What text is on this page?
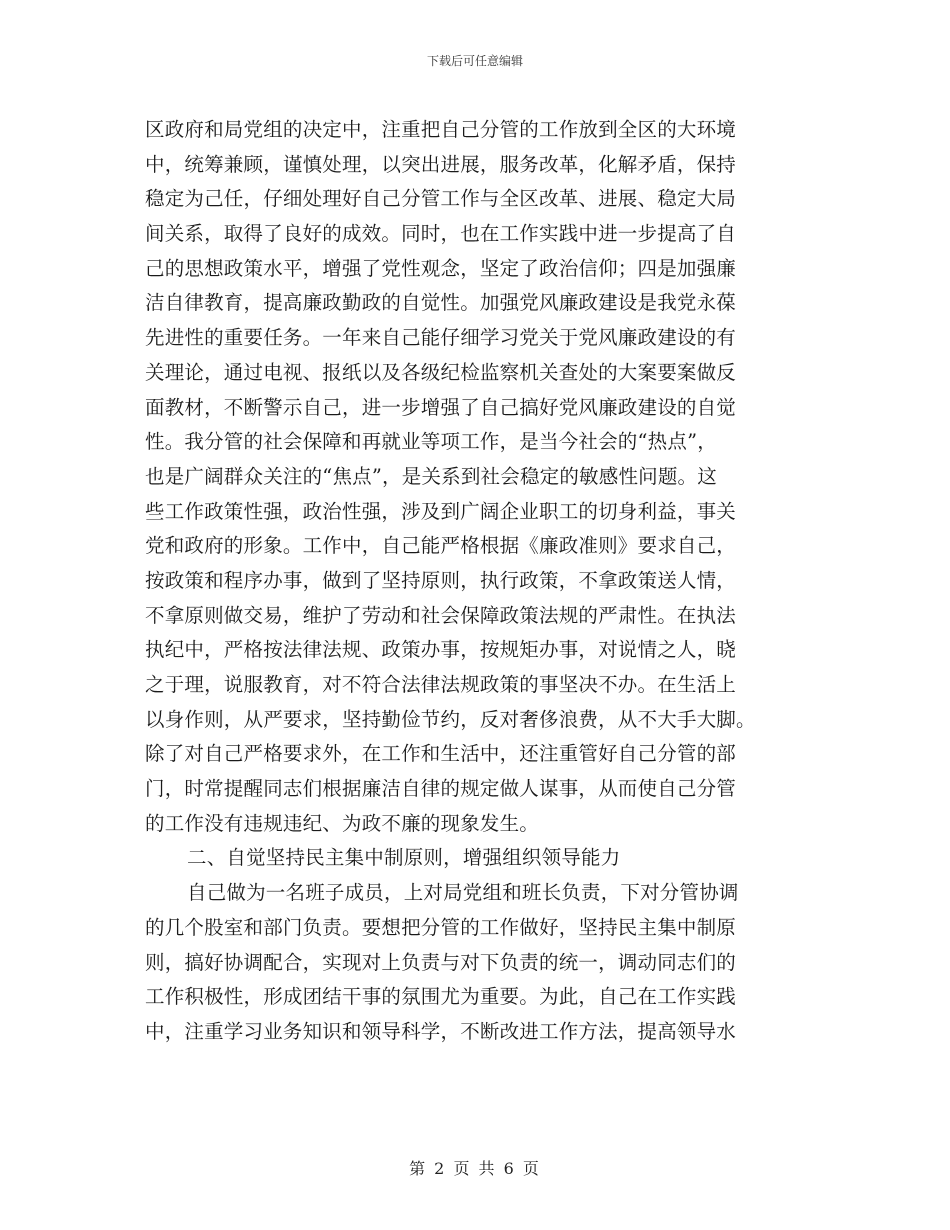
下载后可任意编辑
区政府和局党组的决定中，注重把自己分管的工作放到全区的大环境
中，统筹兼顾，谨慎处理，以突出进展，服务改革，化解矛盾，保持
稳定为己任，仔细处理好自己分管工作与全区改革、进展、稳定大局
间关系，取得了良好的成效。同时，也在工作实践中进一步提高了自
己的思想政策水平，增强了党性观念，坚定了政治信仰；四是加强廉
洁自律教育，提高廉政勤政的自觉性。加强党风廉政建设是我党永葆
先进性的重要任务。一年来自己能仔细学习党关于党风廉政建设的有
关理论，通过电视、报纸以及各级纪检监察机关查处的大案要案做反
面教材，不断警示自己，进一步增强了自己搞好党风廉政建设的自觉
性。我分管的社会保障和再就业等项工作，是当今社会的“热点”，
也是广阔群众关注的“焦点”，是关系到社会稳定的敏感性问题。这
些工作政策性强，政治性强，涉及到广阔企业职工的切身利益，事关
党和政府的形象。工作中，自己能严格根据《廉政准则》要求自己，
按政策和程序办事，做到了坚持原则，执行政策，不拿政策送人情，
不拿原则做交易，维护了劳动和社会保障政策法规的严肃性。在执法
执纪中，严格按法律法规、政策办事，按规矩办事，对说情之人，晓
之于理，说服教育，对不符合法律法规政策的事坚决不办。在生活上
以身作则，从严要求，坚持勤俭节约，反对奢侈浪费，从不大手大脚。
除了对自己严格要求外，在工作和生活中，还注重管好自己分管的部
门，时常提醒同志们根据廉洁自律的规定做人谋事，从而使自己分管
的工作没有违规违纪、为政不廉的现象发生。
二、自觉坚持民主集中制原则，增强组织领导能力
自己做为一名班子成员，上对局党组和班长负责，下对分管协调
的几个股室和部门负责。要想把分管的工作做好，坚持民主集中制原
则，搞好协调配合，实现对上负责与对下负责的统一，调动同志们的
工作积极性，形成团结干事的氛围尤为重要。为此，自己在工作实践
中，注重学习业务知识和领导科学，不断改进工作方法，提高领导水
第 2 页 共 6 页
